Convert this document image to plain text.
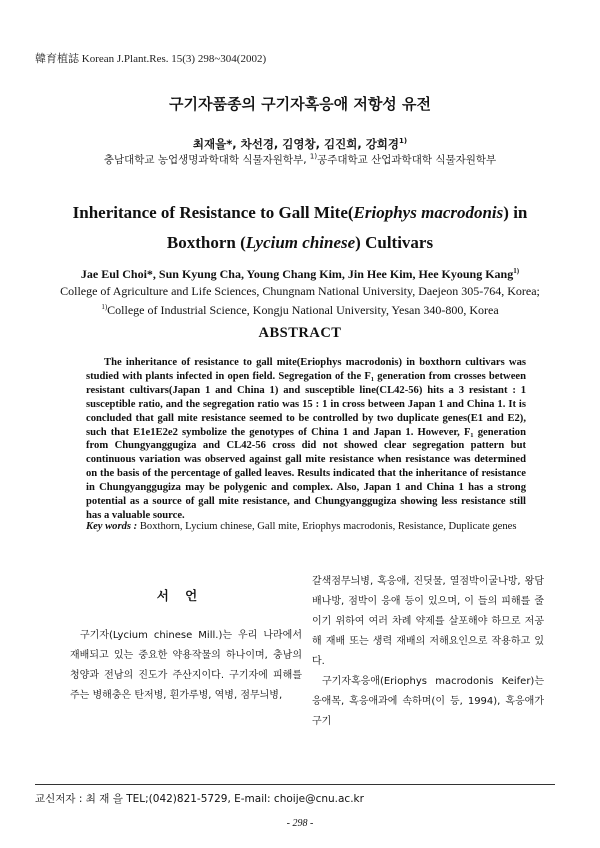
韓育植誌 Korean J.Plant.Res. 15(3) 298~304(2002)
구기자품종의 구기자혹응애 저항성 유전
최재을*, 차선경, 김영창, 김진희, 강희경$^{1)}$
충남대학교 농업생명과학대학 식물자원학부, $^{1)}$공주대학교 산업과학대학 식물자원학부
Inheritance of Resistance to Gall Mite(Eriophys macrodonis) in
Boxthorn (Lycium chinese) Cultivars
Jae Eul Choi*, Sun Kyung Cha, Young Chang Kim, Jin Hee Kim, Hee Kyoung Kang$^{1)}$
College of Agriculture and Life Sciences, Chungnam National University, Daejeon 305-764, Korea;
$^{1)}$College of Industrial Science, Kongju National University, Yesan 340-800, Korea
ABSTRACT
The inheritance of resistance to gall mite(Eriophys macrodonis) in boxthorn cultivars was studied with plants infected in open field. Segregation of the F₁ generation from crosses between resistant cultivars(Japan 1 and China 1) and susceptible line(CL42-56) hits a 3 resistant : 1 susceptible ratio, and the segregation ratio was 15 : 1 in cross between Japan 1 and China 1. It is concluded that gall mite resistance seemed to be controlled by two duplicate genes(E1 and E2), such that E1e1E2e2 symbolize the genotypes of China 1 and Japan 1. However, F₁ generation from Chungyanggugiza and CL42-56 cross did not showed clear segregation pattern but continuous variation was observed against gall mite resistance when resistance was determined on the basis of the percentage of galled leaves. Results indicated that the inheritance of resistance in Chungyanggugiza may be polygenic and complex. Also, Japan 1 and China 1 has a strong potential as a source of gall mite resistance, and Chungyanggugiza showing less resistance still has a valuable source.
Key words : Boxthorn, Lycium chinese, Gall mite, Eriophys macrodonis, Resistance, Duplicate genes
서 언
구기자(Lycium chinese Mill.)는 우리 나라에서 재배되고 있는 중요한 약용작물의 하나이며, 충남의 청양과 전남의 진도가 주산지이다. 구기자에 피해를 주는 병해충은 탄저병, 흰가루병, 역병, 점무늬병,

갈색점무늬병, 혹응애, 진딧물, 열점박이굴나방, 왕담배나방, 점박이 응애 등이 있으며, 이 들의 피해를 줄이기 위하여 여러 차례 약제를 살포해야 하므로 저공해 재배 또는 생력 재배의 저해요인으로 작용하고 있다.

구기자혹응애(Eriophys macrodonis Keifer)는 응애목, 혹응애과에 속하며(이 등, 1994), 혹응애가 구기

교신저자 : 최 재 을 TEL;(042)821-5729, E-mail: choije@cnu.ac.kr
- 298 -
